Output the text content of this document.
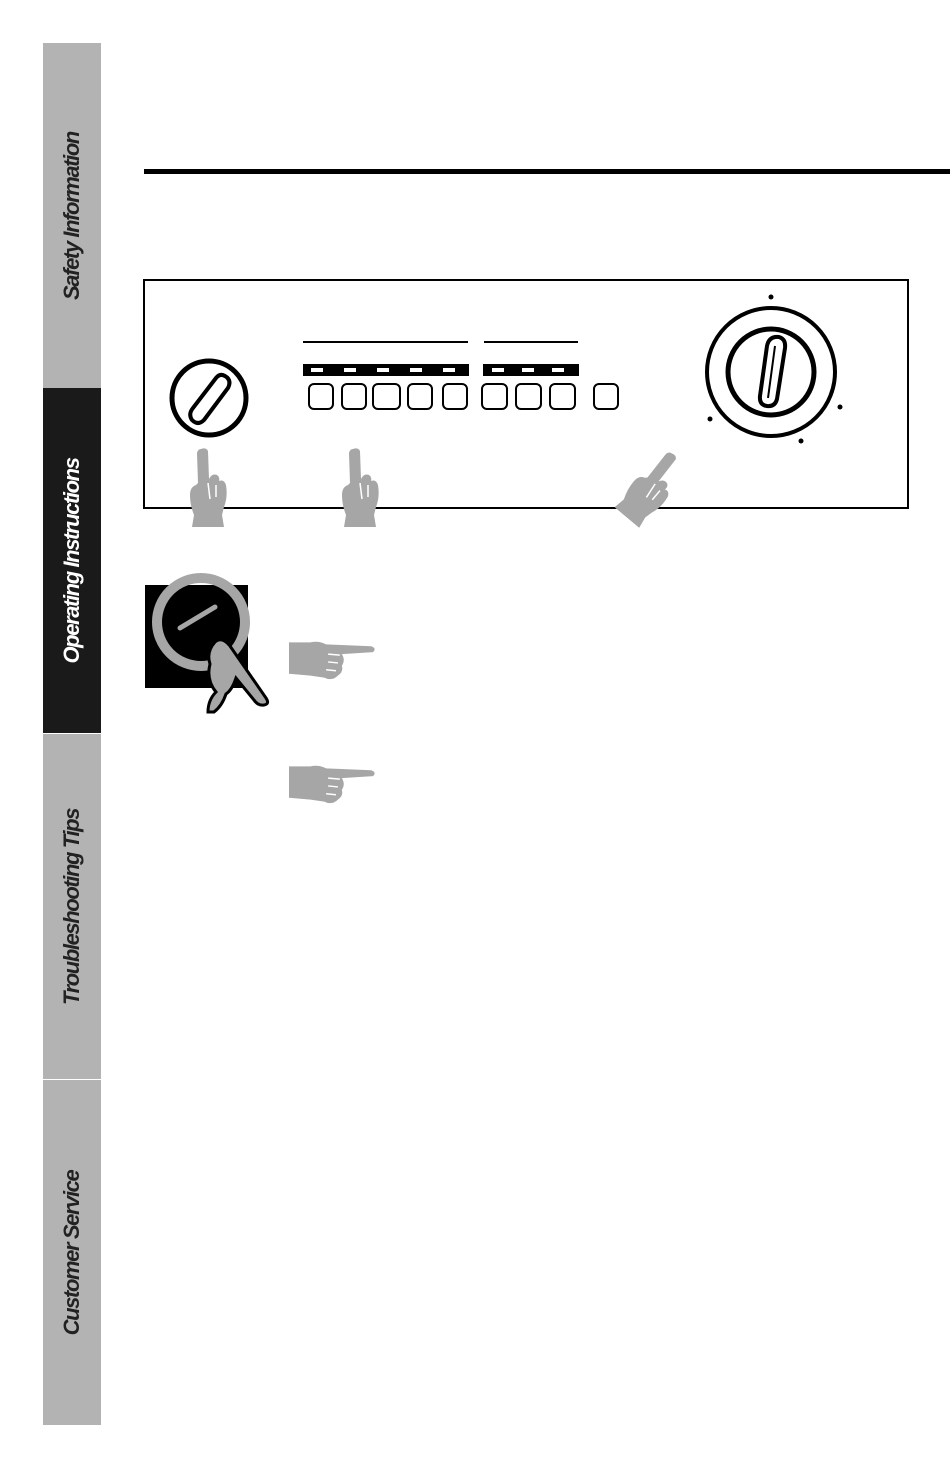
Safety Information
Operating Instructions
Troubleshooting Tips
Customer Service
